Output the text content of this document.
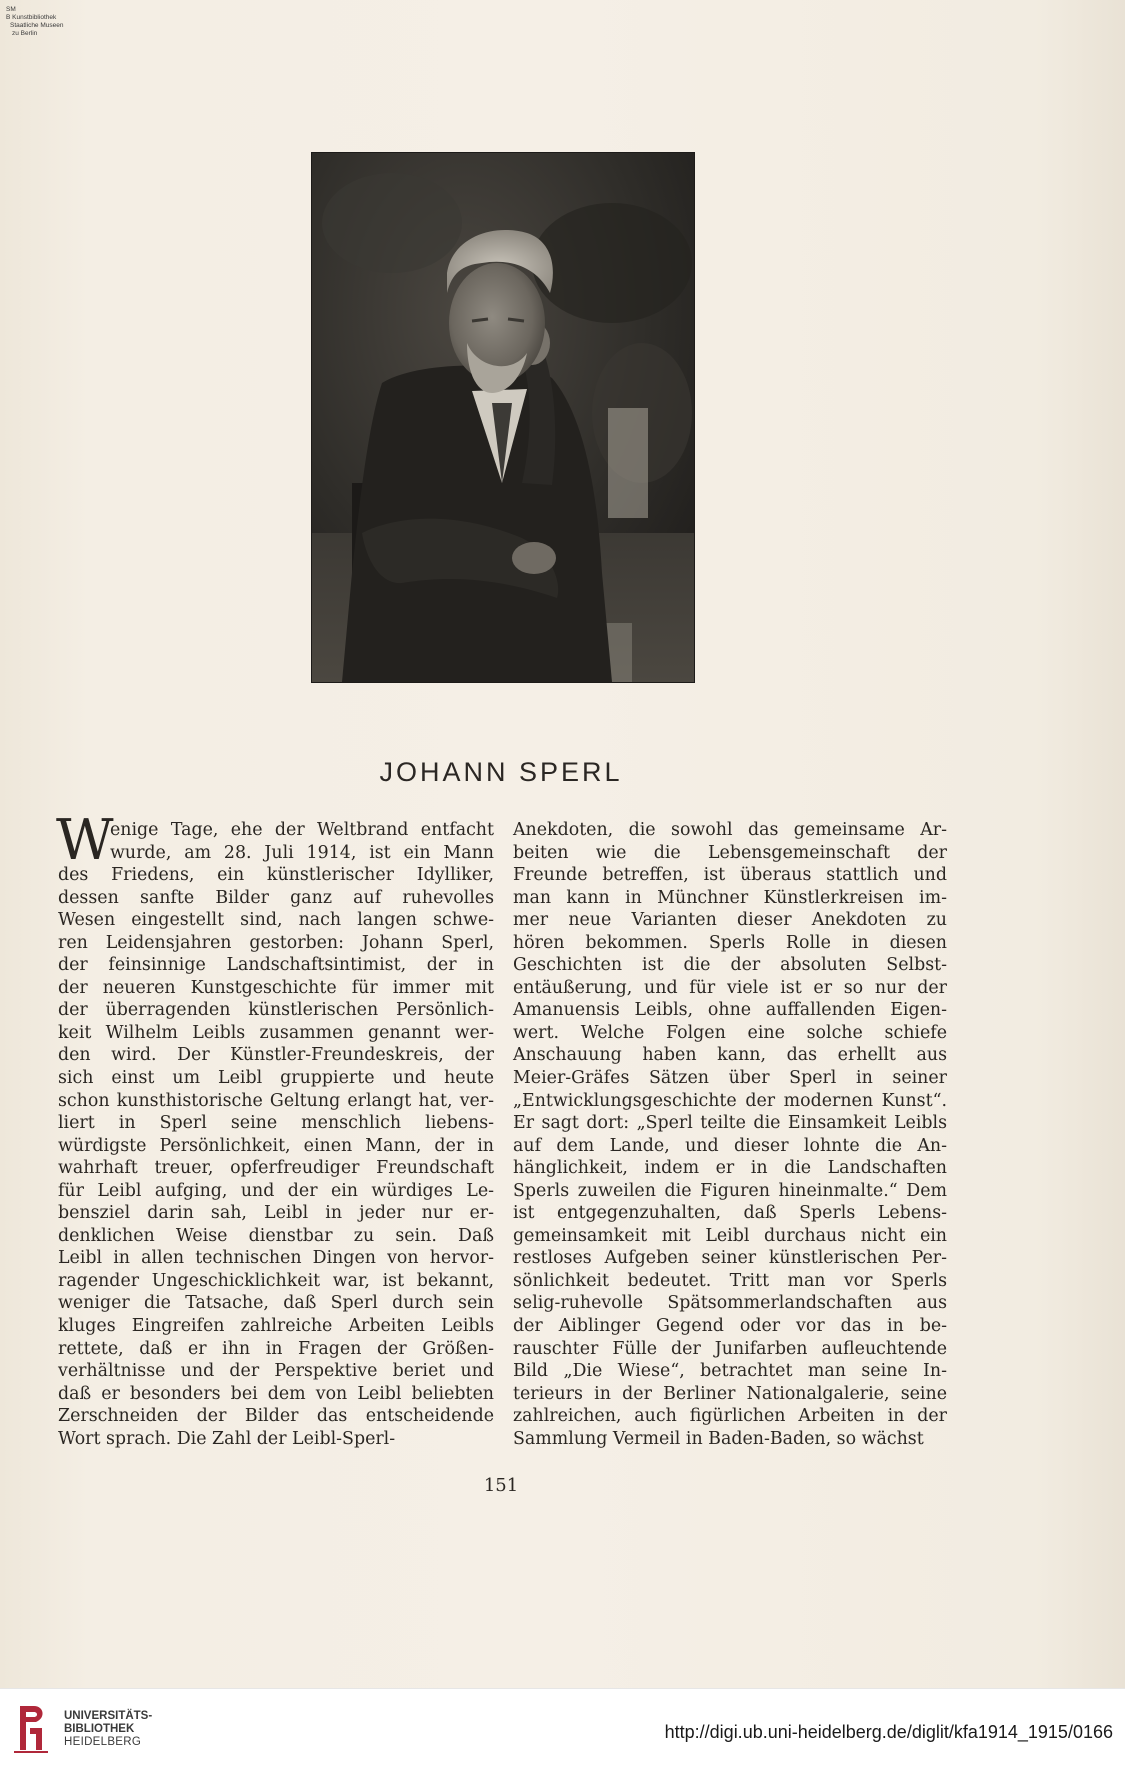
SM
B Kunstbibliothek
Staatliche Museen
zu Berlin
JOHANN SPERL
W
enige Tage, ehe der Weltbrand entfacht
wurde, am 28. Juli 1914, ist ein Mann
des Friedens, ein künstlerischer Idylliker,
dessen sanfte Bilder ganz auf ruhevolles
Wesen eingestellt sind, nach langen schwe-
ren Leidensjahren gestorben: Johann Sperl,
der feinsinnige Landschaftsintimist, der in
der neueren Kunstgeschichte für immer mit
der überragenden künstlerischen Persönlich-
keit Wilhelm Leibls zusammen genannt wer-
den wird. Der Künstler-Freundeskreis, der
sich einst um Leibl gruppierte und heute
schon kunsthistorische Geltung erlangt hat, ver-
liert in Sperl seine menschlich liebens-
würdigste Persönlichkeit, einen Mann, der in
wahrhaft treuer, opferfreudiger Freundschaft
für Leibl aufging, und der ein würdiges Le-
bensziel darin sah, Leibl in jeder nur er-
denklichen Weise dienstbar zu sein. Daß
Leibl in allen technischen Dingen von hervor-
ragender Ungeschicklichkeit war, ist bekannt,
weniger die Tatsache, daß Sperl durch sein
kluges Eingreifen zahlreiche Arbeiten Leibls
rettete, daß er ihn in Fragen der Größen-
verhältnisse und der Perspektive beriet und
daß er besonders bei dem von Leibl beliebten
Zerschneiden der Bilder das entscheidende
Wort sprach. Die Zahl der Leibl-Sperl-
Anekdoten, die sowohl das gemeinsame Ar-
beiten wie die Lebensgemeinschaft der
Freunde betreffen, ist überaus stattlich und
man kann in Münchner Künstlerkreisen im-
mer neue Varianten dieser Anekdoten zu
hören bekommen. Sperls Rolle in diesen
Geschichten ist die der absoluten Selbst-
entäußerung, und für viele ist er so nur der
Amanuensis Leibls, ohne auffallenden Eigen-
wert. Welche Folgen eine solche schiefe
Anschauung haben kann, das erhellt aus
Meier-Gräfes Sätzen über Sperl in seiner
„Entwicklungsgeschichte der modernen Kunst“.
Er sagt dort: „Sperl teilte die Einsamkeit Leibls
auf dem Lande, und dieser lohnte die An-
hänglichkeit, indem er in die Landschaften
Sperls zuweilen die Figuren hineinmalte.“ Dem
ist entgegenzuhalten, daß Sperls Lebens-
gemeinsamkeit mit Leibl durchaus nicht ein
restloses Aufgeben seiner künstlerischen Per-
sönlichkeit bedeutet. Tritt man vor Sperls
selig-ruhevolle Spätsommerlandschaften aus
der Aiblinger Gegend oder vor das in be-
rauschter Fülle der Junifarben aufleuchtende
Bild „Die Wiese“, betrachtet man seine In-
terieurs in der Berliner Nationalgalerie, seine
zahlreichen, auch figürlichen Arbeiten in der
Sammlung Vermeil in Baden-Baden, so wächst
151
UNIVERSITÄTS-
BIBLIOTHEK
HEIDELBERG	http://digi.ub.uni-heidelberg.de/diglit/kfa1914_1915/0166
